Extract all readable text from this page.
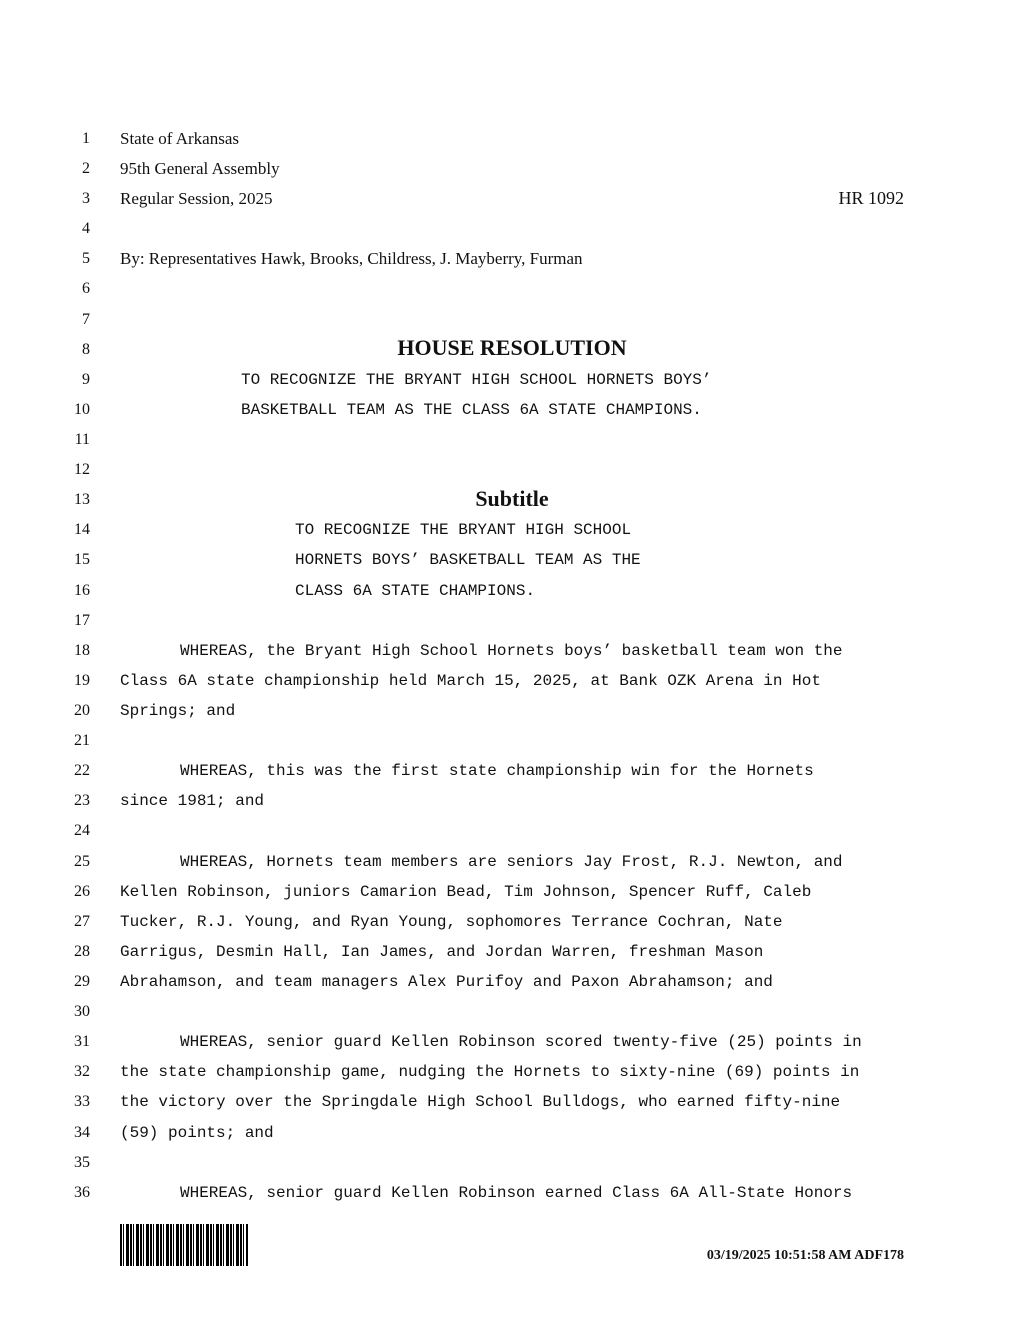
1
2
3
4
5
6
7
8
9
10
11
12
13
14
15
16
17
18
19
20
21
22
23
24
25
26
27
28
29
30
31
32
33
34
35
36
State of Arkansas
95th General Assembly
Regular Session, 2025	HR 1092
By: Representatives Hawk, Brooks, Childress, J. Mayberry, Furman
HOUSE RESOLUTION
TO RECOGNIZE THE BRYANT HIGH SCHOOL HORNETS BOYS’
BASKETBALL TEAM AS THE CLASS 6A STATE CHAMPIONS.
Subtitle
TO RECOGNIZE THE BRYANT HIGH SCHOOL
HORNETS BOYS’ BASKETBALL TEAM AS THE
CLASS 6A STATE CHAMPIONS.
WHEREAS, the Bryant High School Hornets boys’ basketball team won the
Class 6A state championship held March 15, 2025, at Bank OZK Arena in Hot
Springs; and
WHEREAS, this was the first state championship win for the Hornets
since 1981; and
WHEREAS, Hornets team members are seniors Jay Frost, R.J. Newton, and
Kellen Robinson, juniors Camarion Bead, Tim Johnson, Spencer Ruff, Caleb
Tucker, R.J. Young, and Ryan Young, sophomores Terrance Cochran, Nate
Garrigus, Desmin Hall, Ian James, and Jordan Warren, freshman Mason
Abrahamson, and team managers Alex Purifoy and Paxon Abrahamson; and
WHEREAS, senior guard Kellen Robinson scored twenty-five (25) points in
the state championship game, nudging the Hornets to sixty-nine (69) points in
the victory over the Springdale High School Bulldogs, who earned fifty-nine
(59) points; and
WHEREAS, senior guard Kellen Robinson earned Class 6A All-State Honors
03/19/2025 10:51:58 AM ADF178
